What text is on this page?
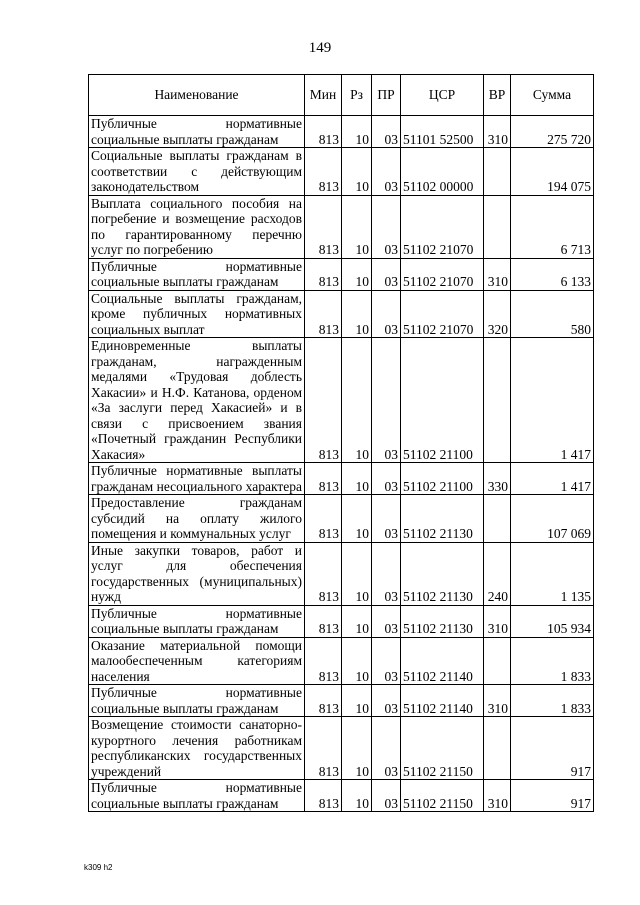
149
Наименование	Мин	Рз	ПР	ЦСР	ВР	Сумма
Публичные нормативные социальные выплаты гражданам	813	10	03	51101 52500	310	275 720
Социальные выплаты гражданам в соответствии с действующим законодательством	813	10	03	51102 00000		194 075
Выплата социального пособия на погребение и возмещение расходов по гарантированному перечню услуг по погребению	813	10	03	51102 21070		6 713
Публичные нормативные социальные выплаты гражданам	813	10	03	51102 21070	310	6 133
Социальные выплаты гражданам, кроме публичных нормативных социальных выплат	813	10	03	51102 21070	320	580
Единовременные выплаты гражданам, награжденным медалями «Трудовая доблесть Хакасии» и Н.Ф. Катанова, орденом «За заслуги перед Хакасией» и в связи с присвоением звания «Почетный гражданин Республики Хакасия»	813	10	03	51102 21100		1 417
Публичные нормативные выплаты гражданам несоциального характера	813	10	03	51102 21100	330	1 417
Предоставление гражданам субсидий на оплату жилого помещения и коммунальных услуг	813	10	03	51102 21130		107 069
Иные закупки товаров, работ и услуг для обеспечения государственных (муниципальных) нужд	813	10	03	51102 21130	240	1 135
Публичные нормативные социальные выплаты гражданам	813	10	03	51102 21130	310	105 934
Оказание материальной помощи малообеспеченным категориям населения	813	10	03	51102 21140		1 833
Публичные нормативные социальные выплаты гражданам	813	10	03	51102 21140	310	1 833
Возмещение стоимости санаторно-курортного лечения работникам республиканских государственных учреждений	813	10	03	51102 21150		917
Публичные нормативные социальные выплаты гражданам	813	10	03	51102 21150	310	917
k309 h2
